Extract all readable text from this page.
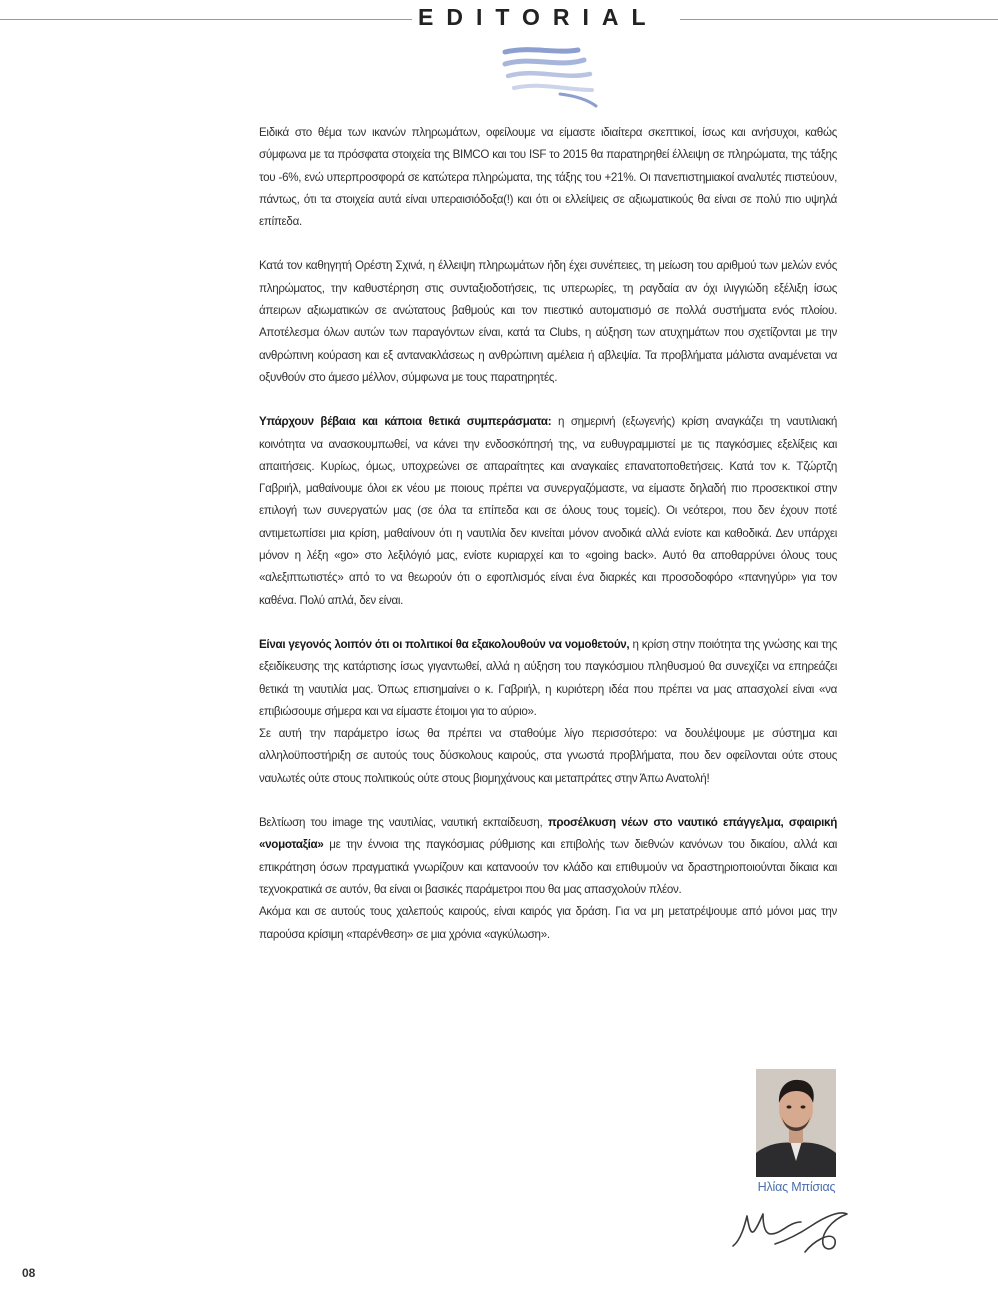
EDITORIAL

Ειδικά στο θέμα των ικανών πληρωμάτων, οφείλουμε να είμαστε ιδιαίτερα σκεπτικοί, ίσως και ανήσυχοι, καθώς σύμφωνα με τα πρόσφατα στοιχεία της BIMCO και του ISF το 2015 θα παρατηρηθεί έλλειψη σε πληρώματα, της τάξης του -6%, ενώ υπερπροσφορά σε κατώτερα πληρώματα, της τάξης του +21%. Οι πανεπιστημιακοί αναλυτές πιστεύουν, πάντως, ότι τα στοιχεία αυτά είναι υπεραισιόδοξα(!) και ότι οι ελλείψεις σε αξιωματικούς θα είναι σε πολύ πιο υψηλά επίπεδα.

Κατά τον καθηγητή Ορέστη Σχινά, η έλλειψη πληρωμάτων ήδη έχει συνέπειες, τη μείωση του αριθμού των μελών ενός πληρώματος, την καθυστέρηση στις συνταξιοδοτήσεις, τις υπερωρίες, τη ραγδαία αν όχι ιλιγγιώδη εξέλιξη ίσως άπειρων αξιωματικών σε ανώτατους βαθμούς και τον πιεστικό αυτοματισμό σε πολλά συστήματα ενός πλοίου. Αποτέλεσμα όλων αυτών των παραγόντων είναι, κατά τα Clubs, η αύξηση των ατυχημάτων που σχετίζονται με την ανθρώπινη κούραση και εξ αντανακλάσεως η ανθρώπινη αμέλεια ή αβλεψία. Τα προβλήματα μάλιστα αναμένεται να οξυνθούν στο άμεσο μέλλον, σύμφωνα με τους παρατηρητές.

Υπάρχουν βέβαια και κάποια θετικά συμπεράσματα: η σημερινή (εξωγενής) κρίση αναγκάζει τη ναυτιλιακή κοινότητα να ανασκουμπωθεί, να κάνει την ενδοσκόπησή της, να ευθυγραμμιστεί με τις παγκόσμιες εξελίξεις και απαιτήσεις. Κυρίως, όμως, υποχρεώνει σε απαραίτητες και αναγκαίες επανατοποθετήσεις. Κατά τον κ. Τζώρτζη Γαβριήλ, μαθαίνουμε όλοι εκ νέου με ποιους πρέπει να συνεργαζόμαστε, να είμαστε δηλαδή πιο προσεκτικοί στην επιλογή των συνεργατών μας (σε όλα τα επίπεδα και σε όλους τους τομείς). Οι νεότεροι, που δεν έχουν ποτέ αντιμετωπίσει μια κρίση, μαθαίνουν ότι η ναυτιλία δεν κινείται μόνον ανοδικά αλλά ενίοτε και καθοδικά. Δεν υπάρχει μόνον η λέξη «go» στο λεξιλόγιό μας, ενίοτε κυριαρχεί και το «going back». Αυτό θα αποθαρρύνει όλους τους «αλεξιπτωτιστές» από το να θεωρούν ότι ο εφοπλισμός είναι ένα διαρκές και προσοδοφόρο «πανηγύρι» για τον καθένα. Πολύ απλά, δεν είναι.

Είναι γεγονός λοιπόν ότι οι πολιτικοί θα εξακολουθούν να νομοθετούν, η κρίση στην ποιότητα της γνώσης και της εξειδίκευσης της κατάρτισης ίσως γιγαντωθεί, αλλά η αύξηση του παγκόσμιου πληθυσμού θα συνεχίζει να επηρεάζει θετικά τη ναυτιλία μας. Όπως επισημαίνει ο κ. Γαβριήλ, η κυριότερη ιδέα που πρέπει να μας απασχολεί είναι «να επιβιώσουμε σήμερα και να είμαστε έτοιμοι για το αύριο».
Σε αυτή την παράμετρο ίσως θα πρέπει να σταθούμε λίγο περισσότερο: να δουλέψουμε με σύστημα και αλληλοϋποστήριξη σε αυτούς τους δύσκολους καιρούς, στα γνωστά προβλήματα, που δεν οφείλονται ούτε στους ναυλωτές ούτε στους πολιτικούς ούτε στους βιομηχάνους και μεταπράτες στην Άπω Ανατολή!

Βελτίωση του image της ναυτιλίας, ναυτική εκπαίδευση, προσέλκυση νέων στο ναυτικό επάγγελμα, σφαιρική «νομοταξία» με την έννοια της παγκόσμιας ρύθμισης και επιβολής των διεθνών κανόνων του δικαίου, αλλά και επικράτηση όσων πραγματικά γνωρίζουν και κατανοούν τον κλάδο και επιθυμούν να δραστηριοποιούνται δίκαια και τεχνοκρατικά σε αυτόν, θα είναι οι βασικές παράμετροι που θα μας απασχολούν πλέον.
Ακόμα και σε αυτούς τους χαλεπούς καιρούς, είναι καιρός για δράση. Για να μη μετατρέψουμε από μόνοι μας την παρούσα κρίσιμη «παρένθεση» σε μια χρόνια «αγκύλωση».

Ηλίας Μπίσιας
08
